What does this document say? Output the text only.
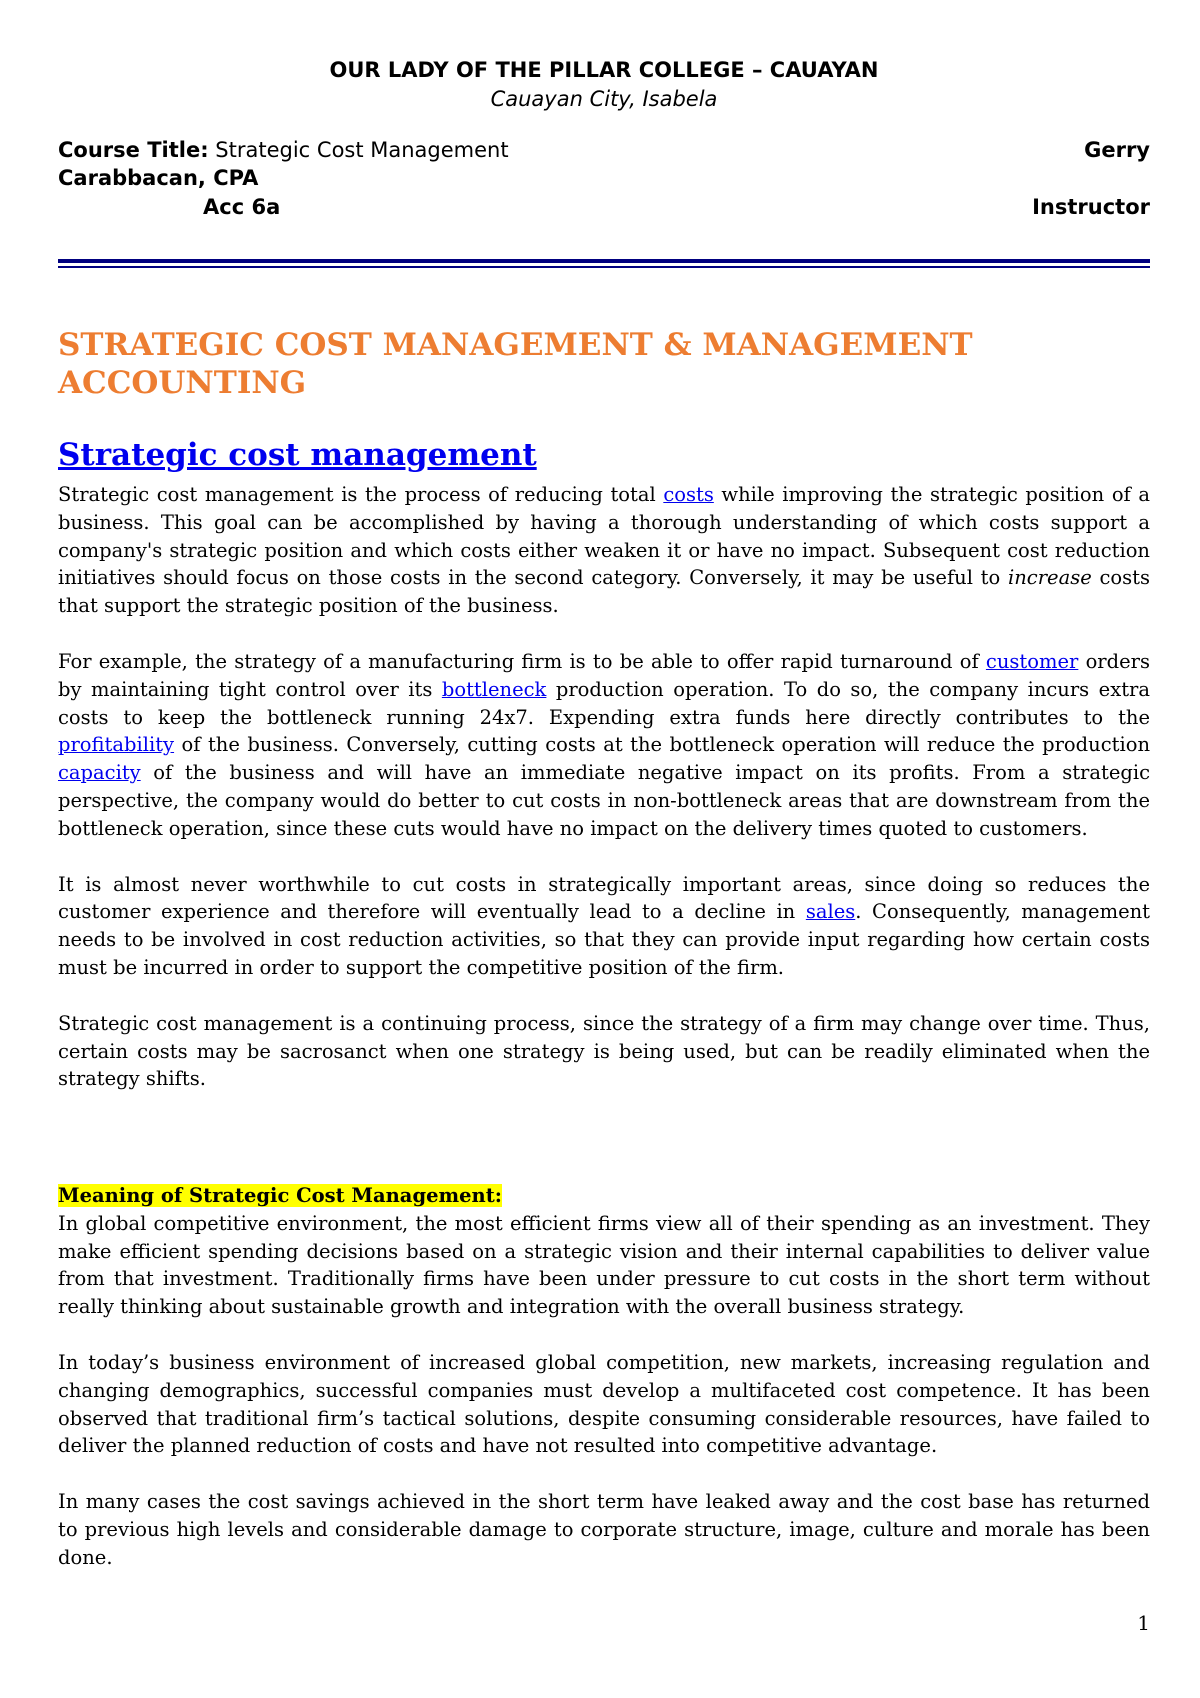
OUR LADY OF THE PILLAR COLLEGE – CAUAYAN
Cauayan City, Isabela
Course Title: Strategic Cost Management	Gerry

Carabbacan, CPA
Acc 6a	Instructor
STRATEGIC COST MANAGEMENT & MANAGEMENT ACCOUNTING
Strategic cost management

Strategic cost management is the process of reducing total costs while improving the strategic position of a business. This goal can be accomplished by having a thorough understanding of which costs support a company's strategic position and which costs either weaken it or have no impact. Subsequent cost reduction initiatives should focus on those costs in the second category. Conversely, it may be useful to increase costs that support the strategic position of the business.

For example, the strategy of a manufacturing firm is to be able to offer rapid turnaround of customer orders by maintaining tight control over its bottleneck production operation. To do so, the company incurs extra costs to keep the bottleneck running 24x7. Expending extra funds here directly contributes to the profitability of the business. Conversely, cutting costs at the bottleneck operation will reduce the production capacity of the business and will have an immediate negative impact on its profits. From a strategic perspective, the company would do better to cut costs in non-bottleneck areas that are downstream from the bottleneck operation, since these cuts would have no impact on the delivery times quoted to customers.

It is almost never worthwhile to cut costs in strategically important areas, since doing so reduces the customer experience and therefore will eventually lead to a decline in sales. Consequently, management needs to be involved in cost reduction activities, so that they can provide input regarding how certain costs must be incurred in order to support the competitive position of the firm.

Strategic cost management is a continuing process, since the strategy of a firm may change over time. Thus, certain costs may be sacrosanct when one strategy is being used, but can be readily eliminated when the strategy shifts.

Meaning of Strategic Cost Management:

In global competitive environment, the most efficient firms view all of their spending as an investment. They make efficient spending decisions based on a strategic vision and their internal capabilities to deliver value from that investment. Traditionally firms have been under pressure to cut costs in the short term without really thinking about sustainable growth and integration with the overall business strategy.

In today’s business environment of increased global competition, new markets, increasing regulation and changing demographics, successful companies must develop a multifaceted cost competence. It has been observed that traditional firm’s tactical solutions, despite consuming considerable resources, have failed to deliver the planned reduction of costs and have not resulted into competitive advantage.

In many cases the cost savings achieved in the short term have leaked away and the cost base has returned to previous high levels and considerable damage to corporate structure, image, culture and morale has been done.

1
